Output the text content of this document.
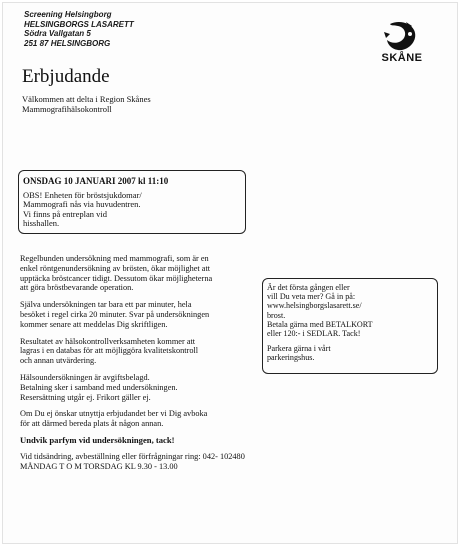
Screening Helsingborg
HELSINGBORGS LASARETT
Södra Vallgatan 5
251 87 HELSINGBORG
SKÅNE
Erbjudande
Välkommen att delta i Region Skånes
Mammografihälsokontroll
ONSDAG 10 JANUARI 2007 kl 11:10
OBS! Enheten för bröstsjukdomar/
Mammografi nås via huvudentren.
Vi finns på entreplan vid
hisshallen.
Regelbunden undersökning med mammografi, som är en
enkel röntgenundersökning av brösten, ökar möjlighet att
upptäcka bröstcancer tidigt. Dessutom ökar möjligheterna
att göra bröstbevarande operation.
Själva undersökningen tar bara ett par minuter, hela
besöket i regel cirka 20 minuter. Svar på undersökningen
kommer senare att meddelas Dig skriftligen.
Resultatet av hälsokontrollverksamheten kommer att
lagras i en databas för att möjliggöra kvalitetskontroll
och annan utvärdering.
Hälsoundersökningen är avgiftsbelagd.
Betalning sker i samband med undersökningen.
Resersättning utgår ej. Frikort gäller ej.
Om Du ej önskar utnyttja erbjudandet ber vi Dig avboka
för att därmed bereda plats åt någon annan.
Undvik parfym vid undersökningen, tack!
Vid tidsändring, avbeställning eller förfrågningar ring: 042- 102480
MÅNDAG T O M TORSDAG KL 9.30 - 13.00
Är det första gången eller
vill Du veta mer? Gå in på:
www.helsingborgslasarett.se/
brost.
Betala gärna med BETALKORT
eller 120:- i SEDLAR. Tack!
Parkera gärna i vårt
parkeringshus.
